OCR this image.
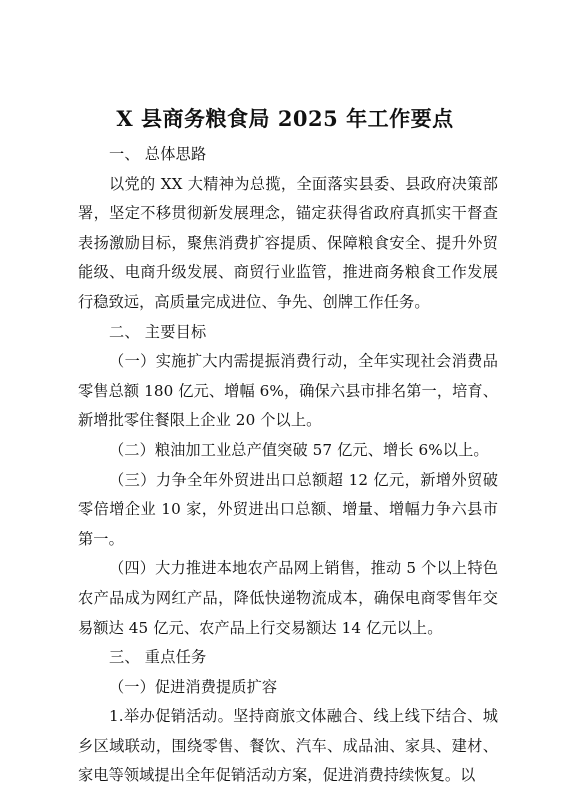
X 县商务粮食局 2025 年工作要点
一、 总体思路

以党的 XX 大精神为总揽，全面落实县委、县政府决策部署，坚定不移贯彻新发展理念，锚定获得省政府真抓实干督查表扬激励目标，聚焦消费扩容提质、保障粮食安全、提升外贸能级、电商升级发展、商贸行业监管，推进商务粮食工作发展行稳致远，高质量完成进位、争先、创牌工作任务。

二、 主要目标

（一）实施扩大内需提振消费行动，全年实现社会消费品零售总额 180 亿元、增幅 6%，确保六县市排名第一，培育、新增批零住餐限上企业 20 个以上。

（二）粮油加工业总产值突破 57 亿元、增长 6%以上。

（三）力争全年外贸进出口总额超 12 亿元，新增外贸破零倍增企业 10 家，外贸进出口总额、增量、增幅力争六县市第一。

（四）大力推进本地农产品网上销售，推动 5 个以上特色农产品成为网红产品，降低快递物流成本，确保电商零售年交易额达 45 亿元、农产品上行交易额达 14 亿元以上。

三、 重点任务

（一）促进消费提质扩容

1.举办促销活动。坚持商旅文体融合、线上线下结合、城乡区域联动，围绕零售、餐饮、汽车、成品油、家具、建材、家电等领域提出全年促销活动方案，促进消费持续恢复。以
